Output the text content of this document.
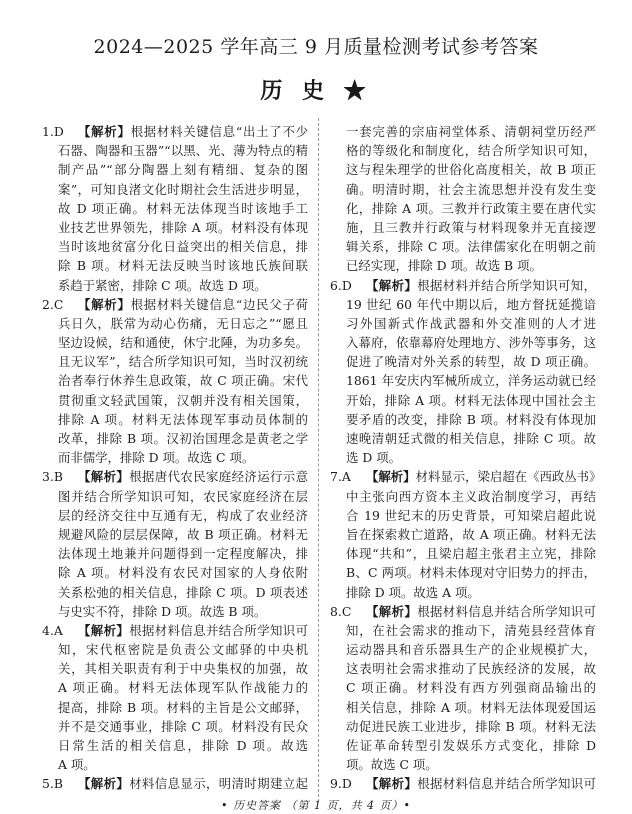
2024—2025 学年高三 9 月质量检测考试参考答案
历 史 ★
1.D	【解析】根据材料关键信息“出土了不少
石器、陶器和玉器”“以黑、光、薄为特点的精
制产品”“部分陶器上刻有精细、复杂的图
案”，可知良渚文化时期社会生活进步明显，
故 D 项正确。材料无法体现当时该地手工
业技艺世界领先，排除 A 项。材料没有体现
当时该地贫富分化日益突出的相关信息，排
除 B 项。材料无法反映当时该地氏族间联
系趋于紧密，排除 C 项。故选 D 项。
2.C	【解析】根据材料关键信息“边民父子荷
兵日久，朕常为动心伤痛，无日忘之”“愿且
坚边设候，结和通使，休宁北陲，为功多矣。
且无议军”，结合所学知识可知，当时汉初统
治者奉行休养生息政策，故 C 项正确。宋代
贯彻重文轻武国策，汉朝并没有相关国策，
排除 A 项。材料无法体现军事动员体制的
改革，排除 B 项。汉初治国理念是黄老之学
而非儒学，排除 D 项。故选 C 项。
3.B	【解析】根据唐代农民家庭经济运行示意
图并结合所学知识可知，农民家庭经济在层
层的经济交往中互通有无，构成了农业经济
规避风险的层层保障，故 B 项正确。材料无
法体现土地兼并问题得到一定程度解决，排
除 A 项。材料没有农民对国家的人身依附
关系松弛的相关信息，排除 C 项。D 项表述
与史实不符，排除 D 项。故选 B 项。
4.A	【解析】根据材料信息并结合所学知识可
知，宋代枢密院是负责公文邮驿的中央机
关，其相关职责有利于中央集权的加强，故
A 项正确。材料无法体现军队作战能力的
提高，排除 B 项。材料的主旨是公文邮驿，
并不是交通事业，排除 C 项。材料没有民众
日常生活的相关信息，排除 D 项。故选
A 项。
5.B	【解析】材料信息显示，明清时期建立起
一套完善的宗庙祠堂体系、清朝祠堂历经严
格的等级化和制度化，结合所学知识可知，
这与程朱理学的世俗化高度相关，故 B 项正
确。明清时期，社会主流思想并没有发生变
化，排除 A 项。三教并行政策主要在唐代实
施，且三教并行政策与材料现象并无直接逻
辑关系，排除 C 项。法律儒家化在明朝之前
已经实现，排除 D 项。故选 B 项。
6.D	【解析】根据材料并结合所学知识可知，
19 世纪 60 年代中期以后，地方督抚延揽谙
习外国新式作战武器和外交准则的人才进
入幕府，依靠幕府处理地方、涉外等事务，这
促进了晚清对外关系的转型，故 D 项正确。
1861 年安庆内军械所成立，洋务运动就已经
开始，排除 A 项。材料无法体现中国社会主
要矛盾的改变，排除 B 项。材料没有体现加
速晚清朝廷式微的相关信息，排除 C 项。故
选 D 项。
7.A	【解析】材料显示，梁启超在《西政丛书》
中主张向西方资本主义政治制度学习，再结
合 19 世纪末的历史背景，可知梁启超此说
旨在探索救亡道路，故 A 项正确。材料无法
体现“共和”，且梁启超主张君主立宪，排除
B、C 两项。材料未体现对守旧势力的抨击，
排除 D 项。故选 A 项。
8.C	【解析】根据材料信息并结合所学知识可
知，在社会需求的推动下，清苑县经营体育
运动器具和音乐器具生产的企业规模扩大，
这表明社会需求推动了民族经济的发展，故
C 项正确。材料没有西方列强商品输出的
相关信息，排除 A 项。材料无法体现爱国运
动促进民族工业进步，排除 B 项。材料无法
佐证革命转型引发娱乐方式变化，排除 D
项。故选 C 项。
9.D	【解析】根据材料信息并结合所学知识可
• 历史答案 （第 1 页，共 4 页）•
